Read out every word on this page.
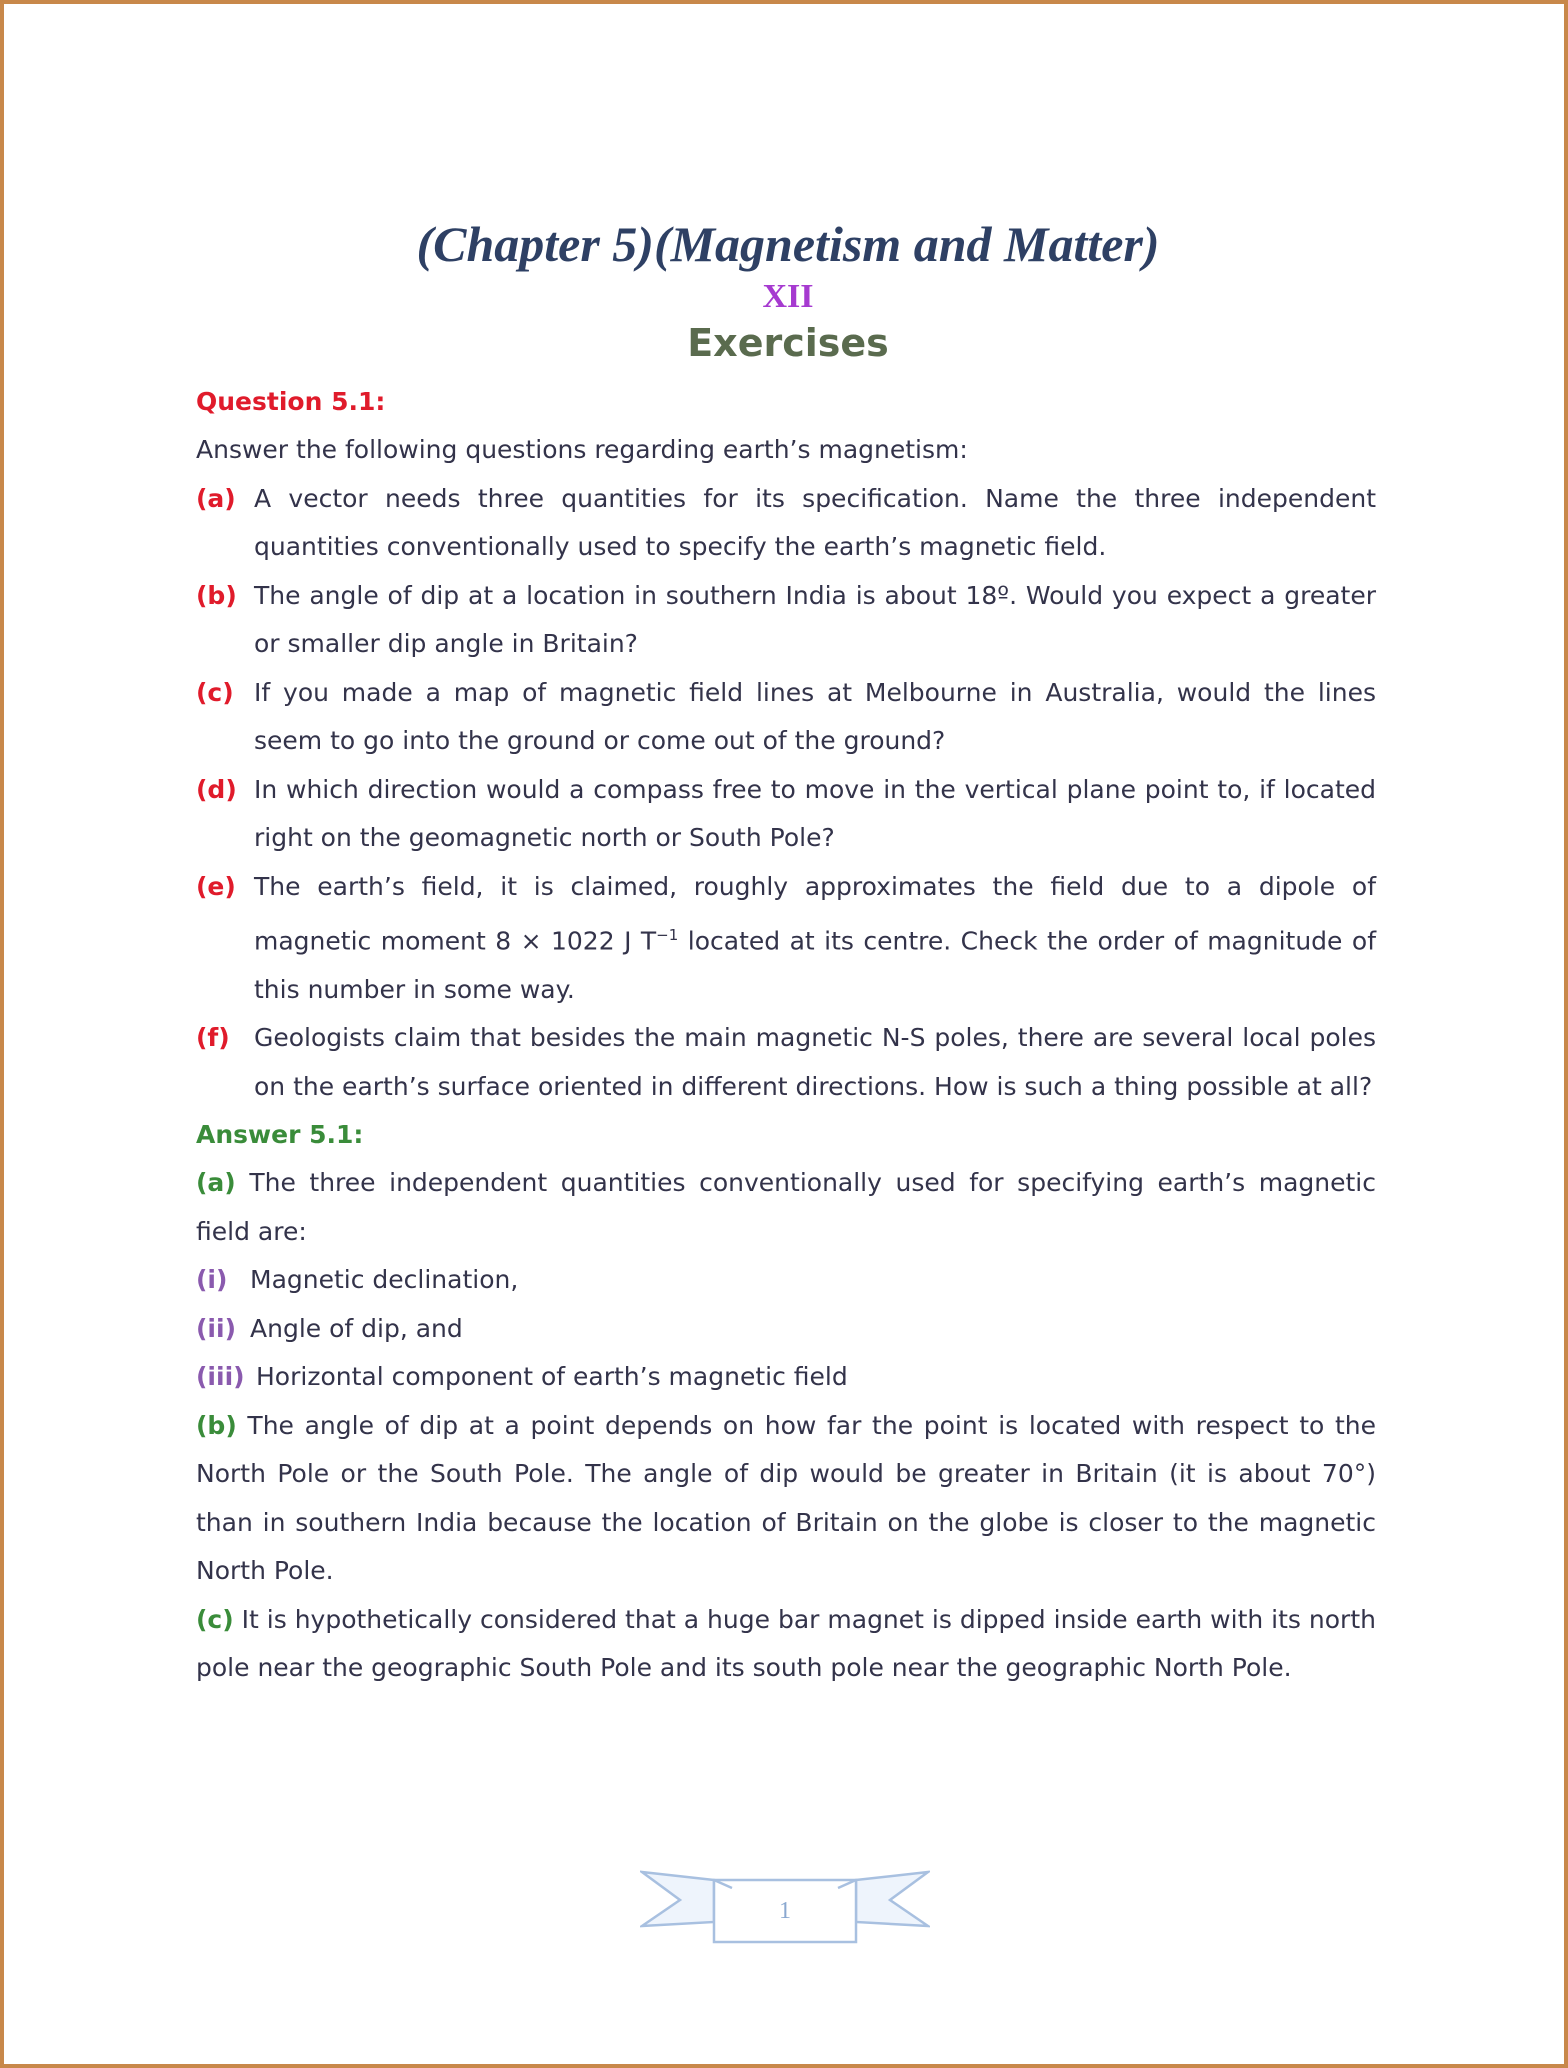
(Chapter 5)(Magnetism and Matter)
XII
Exercises
Question 5.1:

Answer the following questions regarding earth’s magnetism:

(a) A vector needs three quantities for its specification. Name the three independent quantities conventionally used to specify the earth’s magnetic field.
(b) The angle of dip at a location in southern India is about 18º. Would you expect a greater or smaller dip angle in Britain?
(c) If you made a map of magnetic field lines at Melbourne in Australia, would the lines seem to go into the ground or come out of the ground?
(d) In which direction would a compass free to move in the vertical plane point to, if located right on the geomagnetic north or South Pole?
(e) The earth’s field, it is claimed, roughly approximates the field due to a dipole of magnetic moment 8 × 1022 J $T^{-1}$ located at its centre. Check the order of magnitude of this number in some way.
(f) Geologists claim that besides the main magnetic N-S poles, there are several local poles on the earth’s surface oriented in different directions. How is such a thing possible at all?
Answer 5.1:

(a) The three independent quantities conventionally used for specifying earth’s magnetic field are:

(i) Magnetic declination,
(ii) Angle of dip, and
(iii) Horizontal component of earth’s magnetic field

(b) The angle of dip at a point depends on how far the point is located with respect to the North Pole or the South Pole. The angle of dip would be greater in Britain (it is about 70°) than in southern India because the location of Britain on the globe is closer to the magnetic North Pole.

(c) It is hypothetically considered that a huge bar magnet is dipped inside earth with its north pole near the geographic South Pole and its south pole near the geographic North Pole.

1
